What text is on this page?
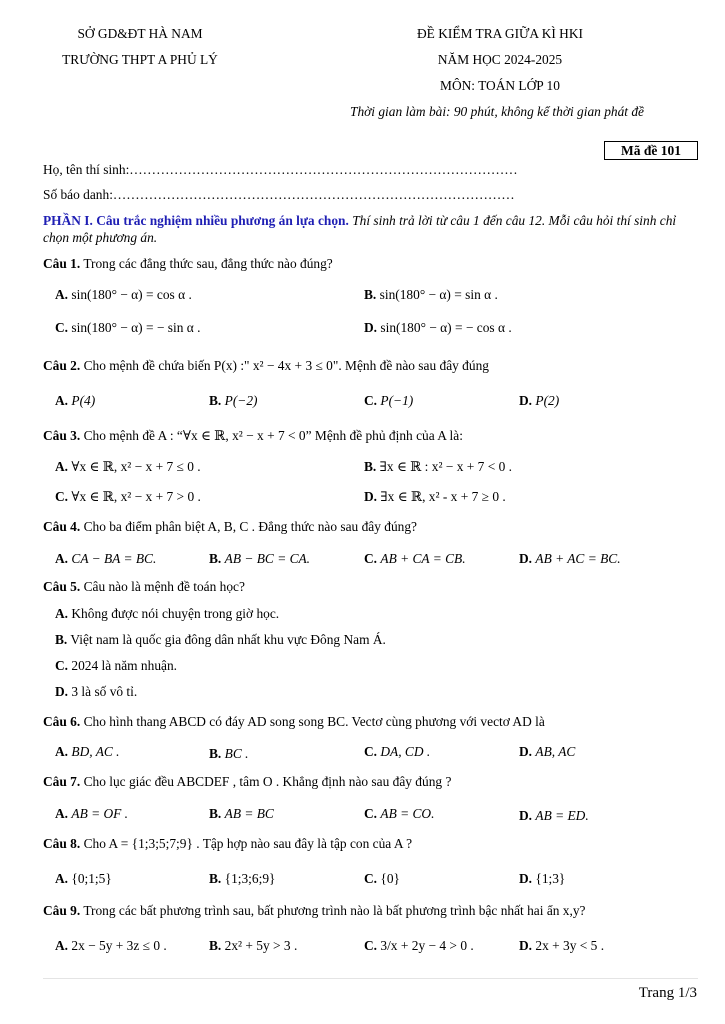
SỞ GD&ĐT HÀ NAM
TRƯỜNG THPT A PHỦ LÝ
ĐỀ KIỂM TRA GIỮA KÌ HKI
NĂM HỌC 2024-2025
MÔN: TOÁN LỚP 10
Thời gian làm bài: 90 phút, không kể thời gian phát đề
Mã đề 101
Họ, tên thí sinh:……………………………………………………………………………
Số báo danh:………………………………………………………………………………
PHẦN I. Câu trắc nghiệm nhiều phương án lựa chọn. Thí sinh trả lời từ câu 1 đến câu 12. Mỗi câu hỏi thí sinh chỉ chọn một phương án.
Câu 1. Trong các đẳng thức sau, đẳng thức nào đúng?
A. sin(180° − α) = cos α .	B. sin(180° − α) = sin α .
C. sin(180° − α) = − sin α .	D. sin(180° − α) = − cos α .
Câu 2. Cho mệnh đề chứa biến P(x) :" x² − 4x + 3 ≤ 0". Mệnh đề nào sau đây đúng
A. P(4)	B. P(−2)	C. P(−1)	D. P(2)
Câu 3. Cho mệnh đề A : “∀x ∈ ℝ, x² − x + 7 < 0” Mệnh đề phủ định của A là:
A. ∀x ∈ ℝ, x² − x + 7 ≤ 0 .	B. ∃x ∈ ℝ : x² − x + 7 < 0 .
C. ∀x ∈ ℝ, x² − x + 7 > 0 .	D. ∃x ∈ ℝ, x² - x + 7 ≥ 0 .
Câu 4. Cho ba điểm phân biệt A, B, C . Đẳng thức nào sau đây đúng?
A. CA − BA = BC.	B. AB − BC = CA.	C. AB + CA = CB.	D. AB + AC = BC.
Câu 5. Câu nào là mệnh đề toán học?
A. Không được nói chuyện trong giờ học.
B. Việt nam là quốc gia đông dân nhất khu vực Đông Nam Á.
C. 2024 là năm nhuận.
D. 3 là số vô tỉ.
Câu 6. Cho hình thang ABCD có đáy AD song song BC. Vectơ cùng phương với vectơ AD là
A. BD, AC .	B. BC .	C. DA, CD .	D. AB, AC
Câu 7. Cho lục giác đều ABCDEF , tâm O . Khẳng định nào sau đây đúng ?
A. AB = OF .	B. AB = BC	C. AB = CO.	D. AB = ED.
Câu 8. Cho A = {1;3;5;7;9} . Tập hợp nào sau đây là tập con của A ?
A. {0;1;5}	B. {1;3;6;9}	C. {0}	D. {1;3}
Câu 9. Trong các bất phương trình sau, bất phương trình nào là bất phương trình bậc nhất hai ẩn x,y?
A. 2x − 5y + 3z ≤ 0 .	B. 2x² + 5y > 3 .	C. 3/x + 2y − 4 > 0 .	D. 2x + 3y < 5 .
Trang 1/3
